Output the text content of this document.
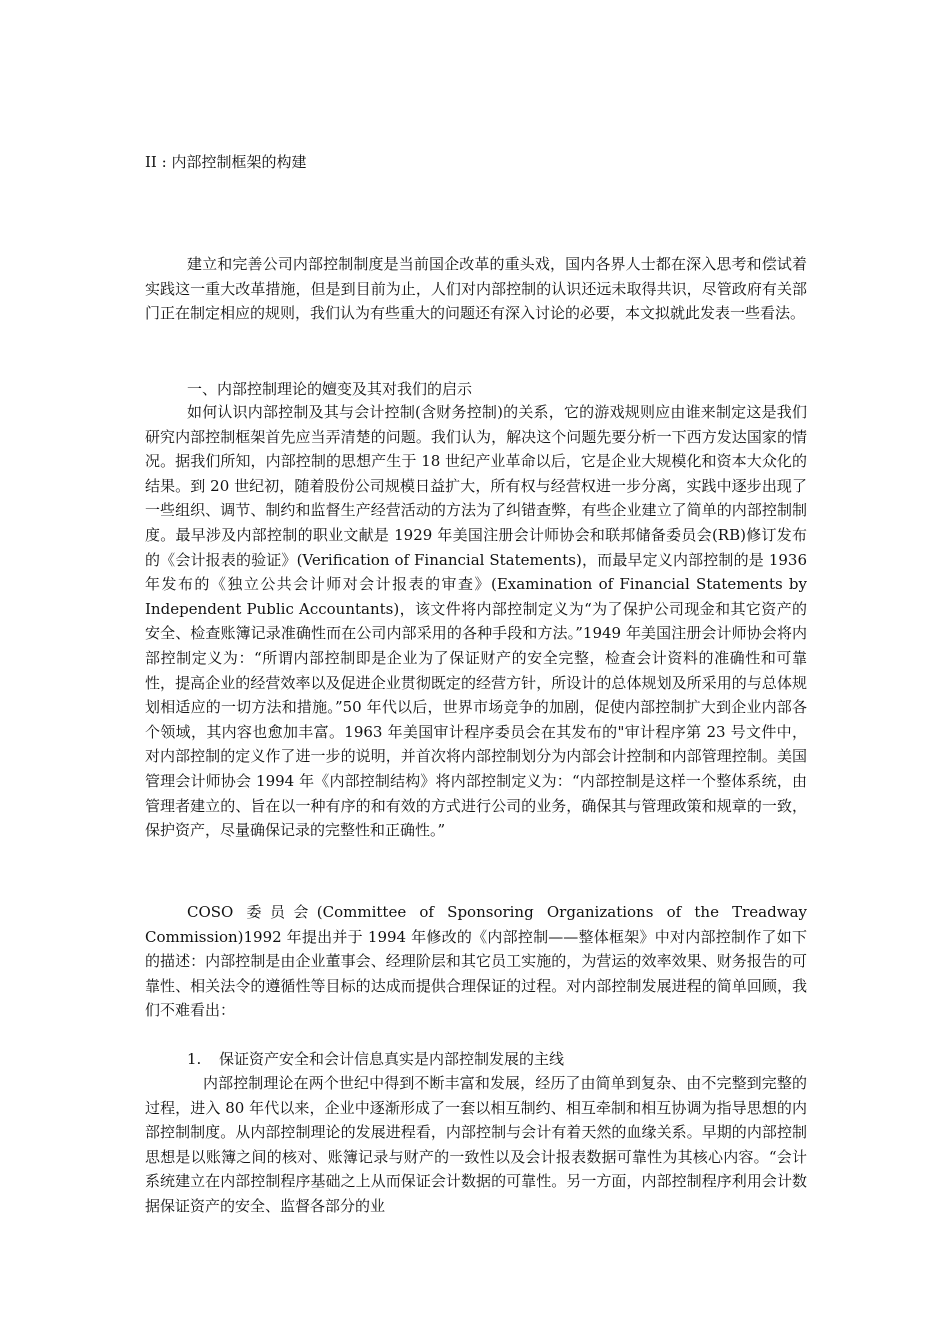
II : 内部控制框架的构建

建立和完善公司内部控制制度是当前国企改革的重头戏，国内各界人士都在深入思考和偿试着实践这一重大改革措施，但是到目前为止，人们对内部控制的认识还远未取得共识，尽管政府有关部门正在制定相应的规则，我们认为有些重大的问题还有深入讨论的必要，本文拟就此发表一些看法。

一、内部控制理论的嬗变及其对我们的启示

如何认识内部控制及其与会计控制(含财务控制)的关系，它的游戏规则应由谁来制定这是我们研究内部控制框架首先应当弄清楚的问题。我们认为，解决这个问题先要分析一下西方发达国家的情况。据我们所知，内部控制的思想产生于 18 世纪产业革命以后，它是企业大规模化和资本大众化的结果。到 20 世纪初，随着股份公司规模日益扩大，所有权与经营权进一步分离，实践中逐步出现了一些组织、调节、制约和监督生产经营活动的方法为了纠错查弊，有些企业建立了简单的内部控制制度。最早涉及内部控制的职业文献是 1929 年美国注册会计师协会和联邦储备委员会(RB)修订发布的《会计报表的验证》(Verification of Financial Statements)，而最早定义内部控制的是 1936 年发布的《独立公共会计师对会计报表的审查》(Examination of Financial Statements by Independent Public Accountants)，该文件将内部控制定义为“为了保护公司现金和其它资产的安全、检查账簿记录准确性而在公司内部采用的各种手段和方法。”1949 年美国注册会计师协会将内部控制定义为：“所谓内部控制即是企业为了保证财产的安全完整，检查会计资料的准确性和可靠性，提高企业的经营效率以及促进企业贯彻既定的经营方针，所设计的总体规划及所采用的与总体规划相适应的一切方法和措施。”50 年代以后，世界市场竞争的加剧，促使内部控制扩大到企业内部各个领域，其内容也愈加丰富。1963 年美国审计程序委员会在其发布的"审计程序第 23 号文件中，对内部控制的定义作了进一步的说明，并首次将内部控制划分为内部会计控制和内部管理控制。美国管理会计师协会 1994 年《内部控制结构》将内部控制定义为：“内部控制是这样一个整体系统，由管理者建立的、旨在以一种有序的和有效的方式进行公司的业务，确保其与管理政策和规章的一致，保护资产，尽量确保记录的完整性和正确性。”

COSO 委员会(Committee of Sponsoring Organizations of the Treadway Commission)1992 年提出并于 1994 年修改的《内部控制——整体框架》中对内部控制作了如下的描述：内部控制是由企业董事会、经理阶层和其它员工实施的，为营运的效率效果、财务报告的可靠性、相关法令的遵循性等目标的达成而提供合理保证的过程。对内部控制发展进程的简单回顾，我们不难看出：

1. 保证资产安全和会计信息真实是内部控制发展的主线

内部控制理论在两个世纪中得到不断丰富和发展，经历了由简单到复杂、由不完整到完整的过程，进入 80 年代以来，企业中逐渐形成了一套以相互制约、相互牵制和相互协调为指导思想的内部控制制度。从内部控制理论的发展进程看，内部控制与会计有着天然的血缘关系。早期的内部控制思想是以账簿之间的核对、账簿记录与财产的一致性以及会计报表数据可靠性为其核心内容。“会计系统建立在内部控制程序基础之上从而保证会计数据的可靠性。另一方面，内部控制程序利用会计数据保证资产的安全、监督各部分的业
